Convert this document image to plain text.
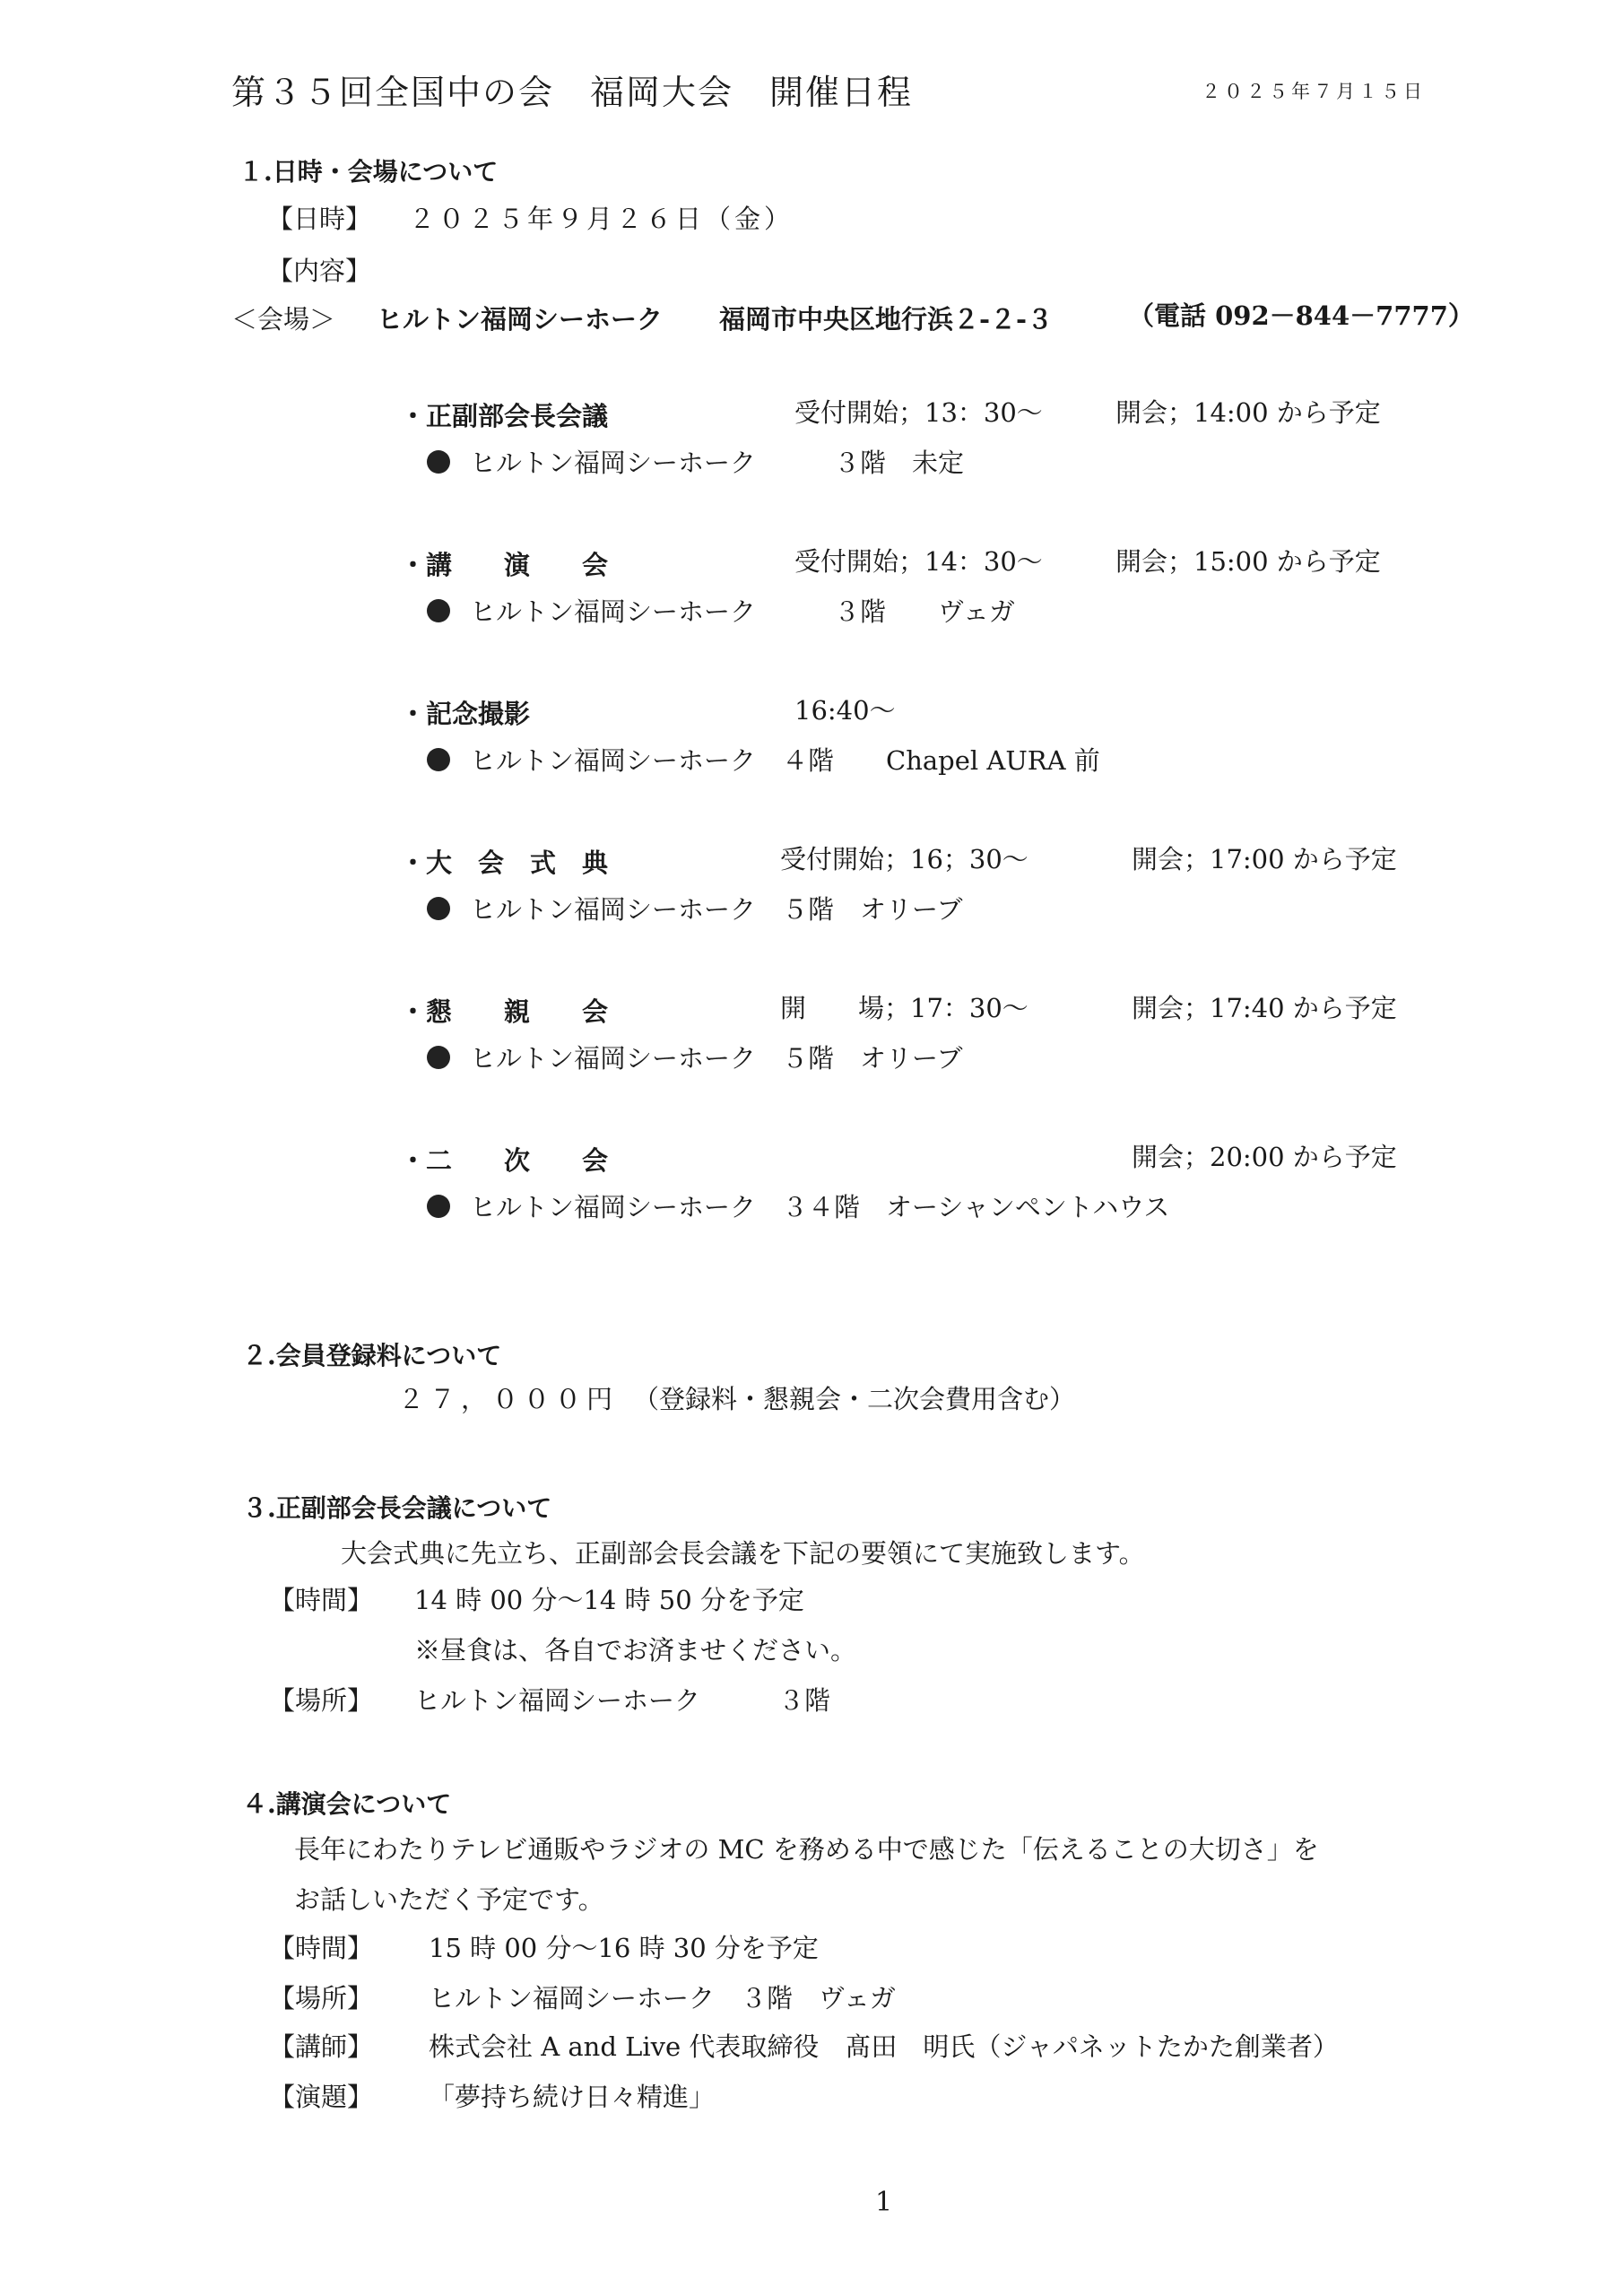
第３５回全国中の会　福岡大会　開催日程	２０２５年７月１５日
１.日時・会場について
【日時】 ２０２５年９月２６日（金）
【内容】
＜会場＞ ヒルトン福岡シーホーク 福岡市中央区地行浜２-２-３	（電話 092－844－7777）
・正副部会長会議	受付開始；13：30～	開会；14:00 から予定
ヒルトン福岡シーホーク　　　３階　未定
・講　　演　　会	受付開始；14：30～	開会；15:00 から予定
ヒルトン福岡シーホーク　　　３階　　ヴェガ
・記念撮影	16:40～
ヒルトン福岡シーホーク　４階　　Chapel AURA 前
・大　会　式　典	受付開始；16；30～	開会；17:00 から予定
ヒルトン福岡シーホーク　５階　オリーブ
・懇　　親　　会	開　　場；17：30～	開会；17:40 から予定
ヒルトン福岡シーホーク　５階　オリーブ
・二　　次　　会	開会；20:00 から予定
ヒルトン福岡シーホーク　３４階　オーシャンペントハウス
２.会員登録料について
２７，０００円 （登録料・懇親会・二次会費用含む）
３.正副部会長会議について
大会式典に先立ち、正副部会長会議を下記の要領にて実施致します。
【時間】 14 時 00 分～14 時 50 分を予定
※昼食は、各自でお済ませください。
【場所】 ヒルトン福岡シーホーク　　　３階
４.講演会について
長年にわたりテレビ通販やラジオの MC を務める中で感じた「伝えることの大切さ」を
お話しいただく予定です。
【時間】 15 時 00 分～16 時 30 分を予定
【場所】 ヒルトン福岡シーホーク　３階　ヴェガ
【講師】 株式会社 A and Live 代表取締役　髙田　明氏（ジャパネットたかた創業者）
【演題】 「夢持ち続け日々精進」
1
